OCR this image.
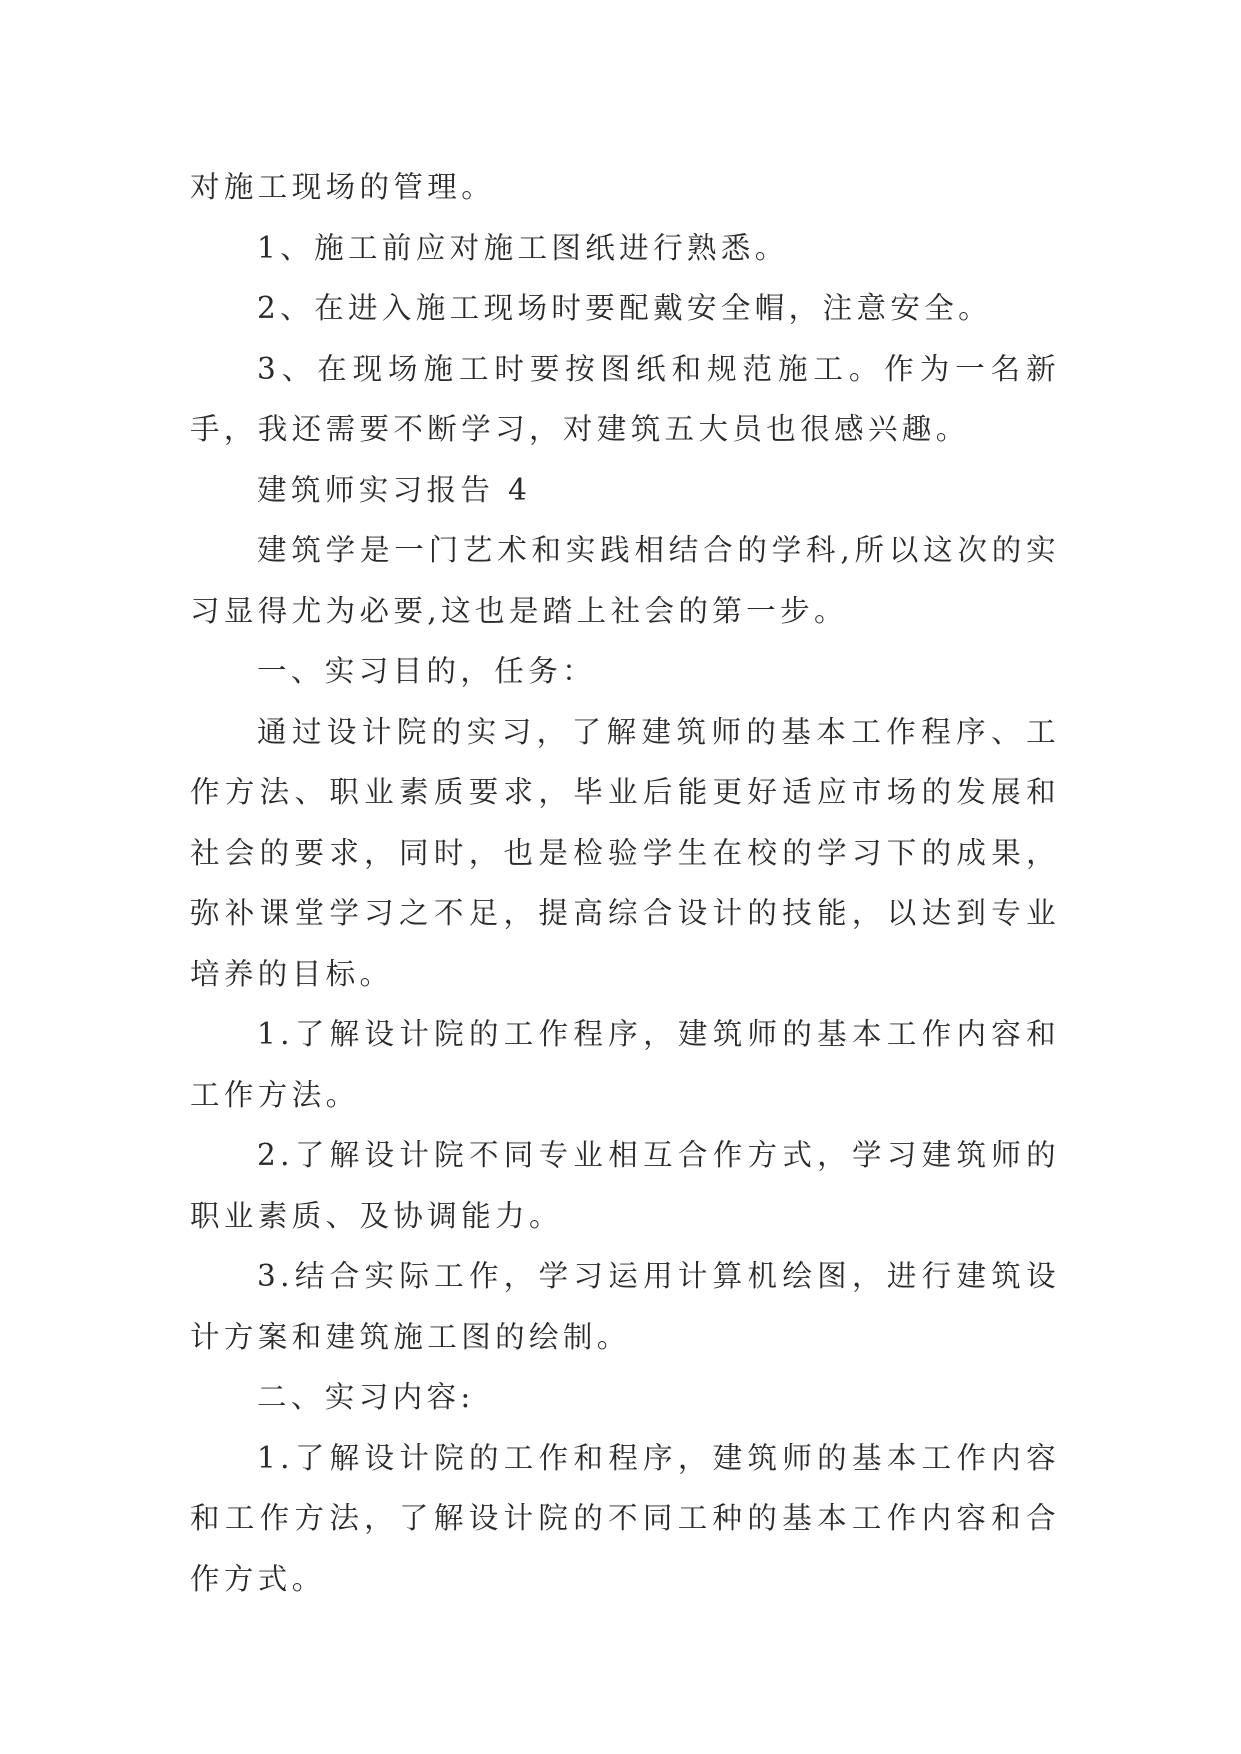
对施工现场的管理。

1、施工前应对施工图纸进行熟悉。

2、在进入施工现场时要配戴安全帽，注意安全。

3、在现场施工时要按图纸和规范施工。作为一名新手，我还需要不断学习，对建筑五大员也很感兴趣。

建筑师实习报告 4

建筑学是一门艺术和实践相结合的学科,所以这次的实习显得尤为必要,这也是踏上社会的第一步。

一、实习目的，任务：

通过设计院的实习，了解建筑师的基本工作程序、工作方法、职业素质要求，毕业后能更好适应市场的发展和社会的要求，同时，也是检验学生在校的学习下的成果，弥补课堂学习之不足，提高综合设计的技能，以达到专业培养的目标。

1.了解设计院的工作程序，建筑师的基本工作内容和工作方法。

2.了解设计院不同专业相互合作方式，学习建筑师的职业素质、及协调能力。

3.结合实际工作，学习运用计算机绘图，进行建筑设计方案和建筑施工图的绘制。

二、实习内容:

1.了解设计院的工作和程序，建筑师的基本工作内容和工作方法，了解设计院的不同工种的基本工作内容和合作方式。
